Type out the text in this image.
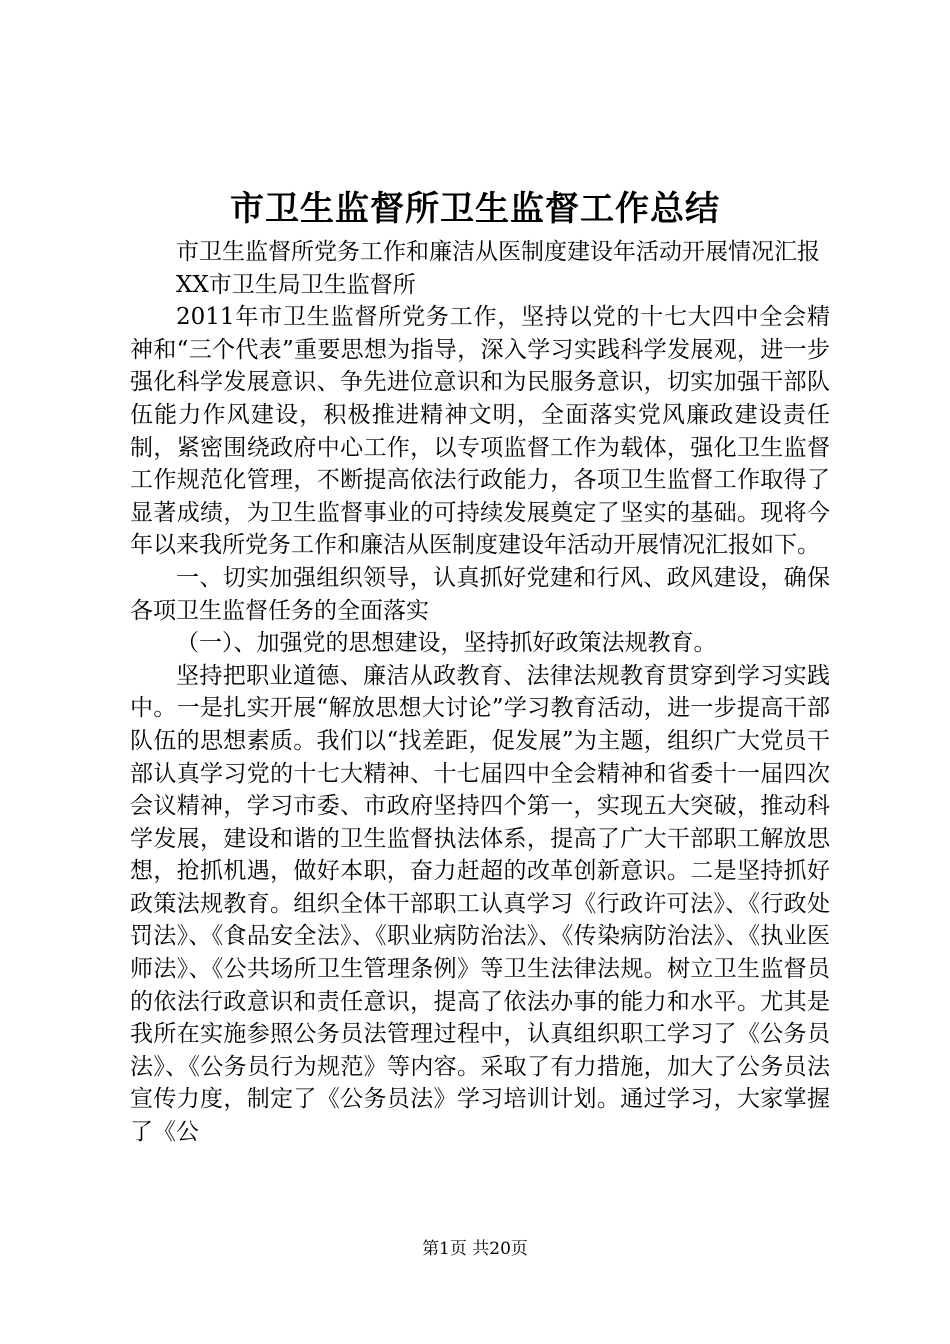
市卫生监督所卫生监督工作总结

市卫生监督所党务工作和廉洁从医制度建设年活动开展情况汇报

XX市卫生局卫生监督所

2011年市卫生监督所党务工作，坚持以党的十七大四中全会精神和“三个代表”重要思想为指导，深入学习实践科学发展观，进一步强化科学发展意识、争先进位意识和为民服务意识，切实加强干部队伍能力作风建设，积极推进精神文明，全面落实党风廉政建设责任制，紧密围绕政府中心工作，以专项监督工作为载体，强化卫生监督工作规范化管理，不断提高依法行政能力，各项卫生监督工作取得了显著成绩，为卫生监督事业的可持续发展奠定了坚实的基础。现将今年以来我所党务工作和廉洁从医制度建设年活动开展情况汇报如下。

一、切实加强组织领导，认真抓好党建和行风、政风建设，确保各项卫生监督任务的全面落实

（一）、加强党的思想建设，坚持抓好政策法规教育。

坚持把职业道德、廉洁从政教育、法律法规教育贯穿到学习实践中。一是扎实开展“解放思想大讨论”学习教育活动，进一步提高干部队伍的思想素质。我们以“找差距，促发展”为主题，组织广大党员干部认真学习党的十七大精神、十七届四中全会精神和省委十一届四次会议精神，学习市委、市政府坚持四个第一，实现五大突破，推动科学发展，建设和谐的卫生监督执法体系，提高了广大干部职工解放思想，抢抓机遇，做好本职，奋力赶超的改革创新意识。二是坚持抓好政策法规教育。组织全体干部职工认真学习《行政许可法》、《行政处罚法》、《食品安全法》、《职业病防治法》、《传染病防治法》、《执业医师法》、《公共场所卫生管理条例》等卫生法律法规。树立卫生监督员的依法行政意识和责任意识，提高了依法办事的能力和水平。尤其是我所在实施参照公务员法管理过程中，认真组织职工学习了《公务员法》、《公务员行为规范》等内容。采取了有力措施，加大了公务员法宣传力度，制定了《公务员法》学习培训计划。通过学习，大家掌握了《公

第1页 共20页
